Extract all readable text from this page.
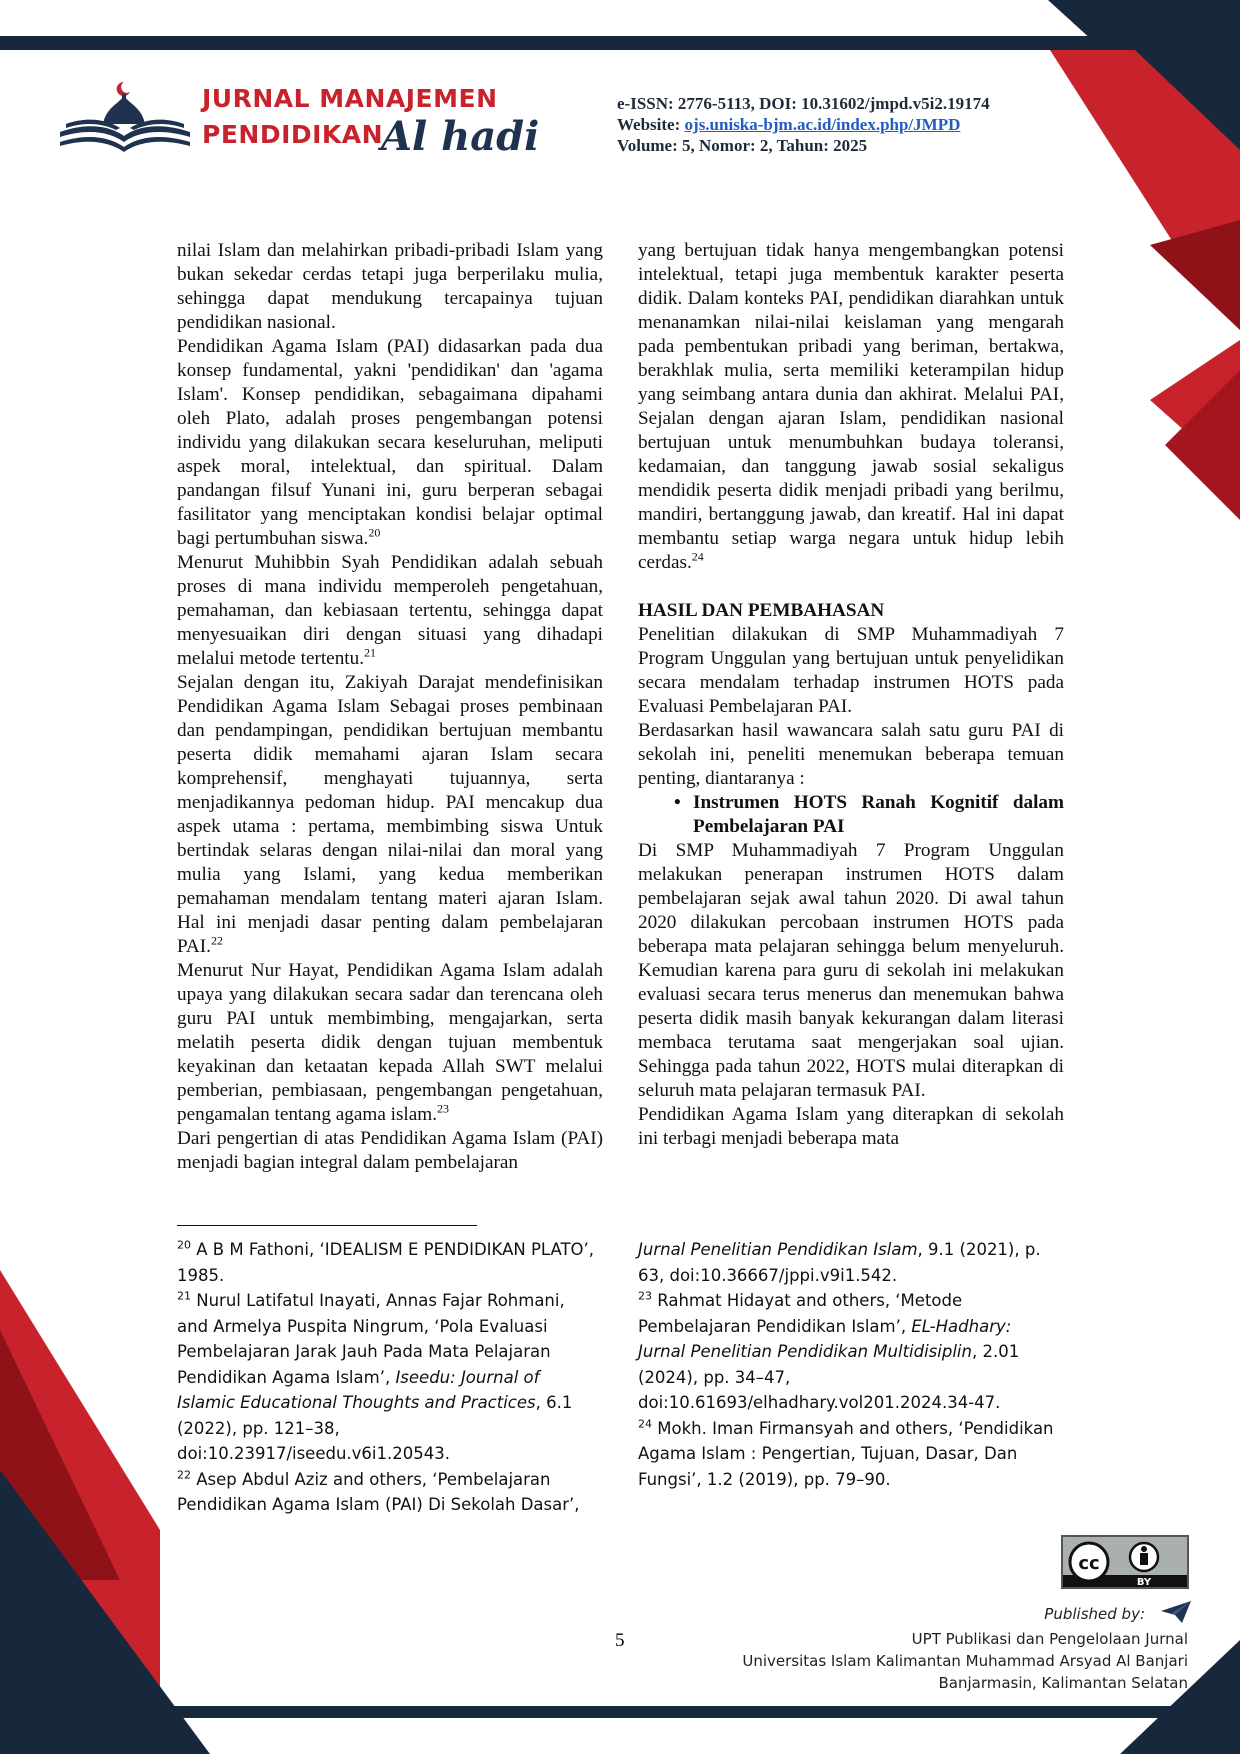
JURNAL MANAJEMEN
PENDIDIKAN
Al hadi
e-ISSN: 2776-5113, DOI: 10.31602/jmpd.v5i2.19174
Website: ojs.uniska-bjm.ac.id/index.php/JMPD
Volume: 5, Nomor: 2, Tahun: 2025

nilai Islam dan melahirkan pribadi-pribadi Islam yang bukan sekedar cerdas tetapi juga berperilaku mulia, sehingga dapat mendukung tercapainya tujuan pendidikan nasional.

Pendidikan Agama Islam (PAI) didasarkan pada dua konsep fundamental, yakni 'pendidikan' dan 'agama Islam'. Konsep pendidikan, sebagaimana dipahami oleh Plato, adalah proses pengembangan potensi individu yang dilakukan secara keseluruhan, meliputi aspek moral, intelektual, dan spiritual. Dalam pandangan filsuf Yunani ini, guru berperan sebagai fasilitator yang menciptakan kondisi belajar optimal bagi pertumbuhan siswa.$^{20}$

Menurut Muhibbin Syah Pendidikan adalah sebuah proses di mana individu memperoleh pengetahuan, pemahaman, dan kebiasaan tertentu, sehingga dapat menyesuaikan diri dengan situasi yang dihadapi melalui metode tertentu.$^{21}$

Sejalan dengan itu, Zakiyah Darajat mendefinisikan Pendidikan Agama Islam Sebagai proses pembinaan dan pendampingan, pendidikan bertujuan membantu peserta didik memahami ajaran Islam secara komprehensif, menghayati tujuannya, serta menjadikannya pedoman hidup. PAI mencakup dua aspek utama : pertama, membimbing siswa Untuk bertindak selaras dengan nilai-nilai dan moral yang mulia yang Islami, yang kedua memberikan pemahaman mendalam tentang materi ajaran Islam. Hal ini menjadi dasar penting dalam pembelajaran PAI.$^{22}$

Menurut Nur Hayat, Pendidikan Agama Islam adalah upaya yang dilakukan secara sadar dan terencana oleh guru PAI untuk membimbing, mengajarkan, serta melatih peserta didik dengan tujuan membentuk keyakinan dan ketaatan kepada Allah SWT melalui pemberian, pembiasaan, pengembangan pengetahuan, pengamalan tentang agama islam.$^{23}$

Dari pengertian di atas Pendidikan Agama Islam (PAI) menjadi bagian integral dalam pembelajaran

yang bertujuan tidak hanya mengembangkan potensi intelektual, tetapi juga membentuk karakter peserta didik. Dalam konteks PAI, pendidikan diarahkan untuk menanamkan nilai-nilai keislaman yang mengarah pada pembentukan pribadi yang beriman, bertakwa, berakhlak mulia, serta memiliki keterampilan hidup yang seimbang antara dunia dan akhirat. Melalui PAI, Sejalan dengan ajaran Islam, pendidikan nasional bertujuan untuk menumbuhkan budaya toleransi, kedamaian, dan tanggung jawab sosial sekaligus mendidik peserta didik menjadi pribadi yang berilmu, mandiri, bertanggung jawab, dan kreatif. Hal ini dapat membantu setiap warga negara untuk hidup lebih cerdas.$^{24}$

HASIL DAN PEMBAHASAN

Penelitian dilakukan di SMP Muhammadiyah 7 Program Unggulan yang bertujuan untuk penyelidikan secara mendalam terhadap instrumen HOTS pada Evaluasi Pembelajaran PAI.

Berdasarkan hasil wawancara salah satu guru PAI di sekolah ini, peneliti menemukan beberapa temuan penting, diantaranya :

• Instrumen HOTS Ranah Kognitif dalam Pembelajaran PAI

Di SMP Muhammadiyah 7 Program Unggulan melakukan penerapan instrumen HOTS dalam pembelajaran sejak awal tahun 2020. Di awal tahun 2020 dilakukan percobaan instrumen HOTS pada beberapa mata pelajaran sehingga belum menyeluruh. Kemudian karena para guru di sekolah ini melakukan evaluasi secara terus menerus dan menemukan bahwa peserta didik masih banyak kekurangan dalam literasi membaca terutama saat mengerjakan soal ujian. Sehingga pada tahun 2022, HOTS mulai diterapkan di seluruh mata pelajaran termasuk PAI.

Pendidikan Agama Islam yang diterapkan di sekolah ini terbagi menjadi beberapa mata

$^{20}$ A B M Fathoni, ‘IDEALISM E PENDIDIKAN PLATO’, 1985.

$^{21}$ Nurul Latifatul Inayati, Annas Fajar Rohmani, and Armelya Puspita Ningrum, ‘Pola Evaluasi Pembelajaran Jarak Jauh Pada Mata Pelajaran Pendidikan Agama Islam’, Iseedu: Journal of Islamic Educational Thoughts and Practices, 6.1 (2022), pp. 121–38, doi:10.23917/iseedu.v6i1.20543.

$^{22}$ Asep Abdul Aziz and others, ‘Pembelajaran Pendidikan Agama Islam (PAI) Di Sekolah Dasar’,

Jurnal Penelitian Pendidikan Islam, 9.1 (2021), p. 63, doi:10.36667/jppi.v9i1.542.

$^{23}$ Rahmat Hidayat and others, ‘Metode Pembelajaran Pendidikan Islam’, EL-Hadhary: Jurnal Penelitian Pendidikan Multidisiplin, 2.01 (2024), pp. 34–47, doi:10.61693/elhadhary.vol201.2024.34-47.

$^{24}$ Mokh. Iman Firmansyah and others, ‘Pendidikan Agama Islam : Pengertian, Tujuan, Dasar, Dan Fungsi’, 1.2 (2019), pp. 79–90.

cc
BY
5
Published by:
UPT Publikasi dan Pengelolaan Jurnal
Universitas Islam Kalimantan Muhammad Arsyad Al Banjari
Banjarmasin, Kalimantan Selatan
